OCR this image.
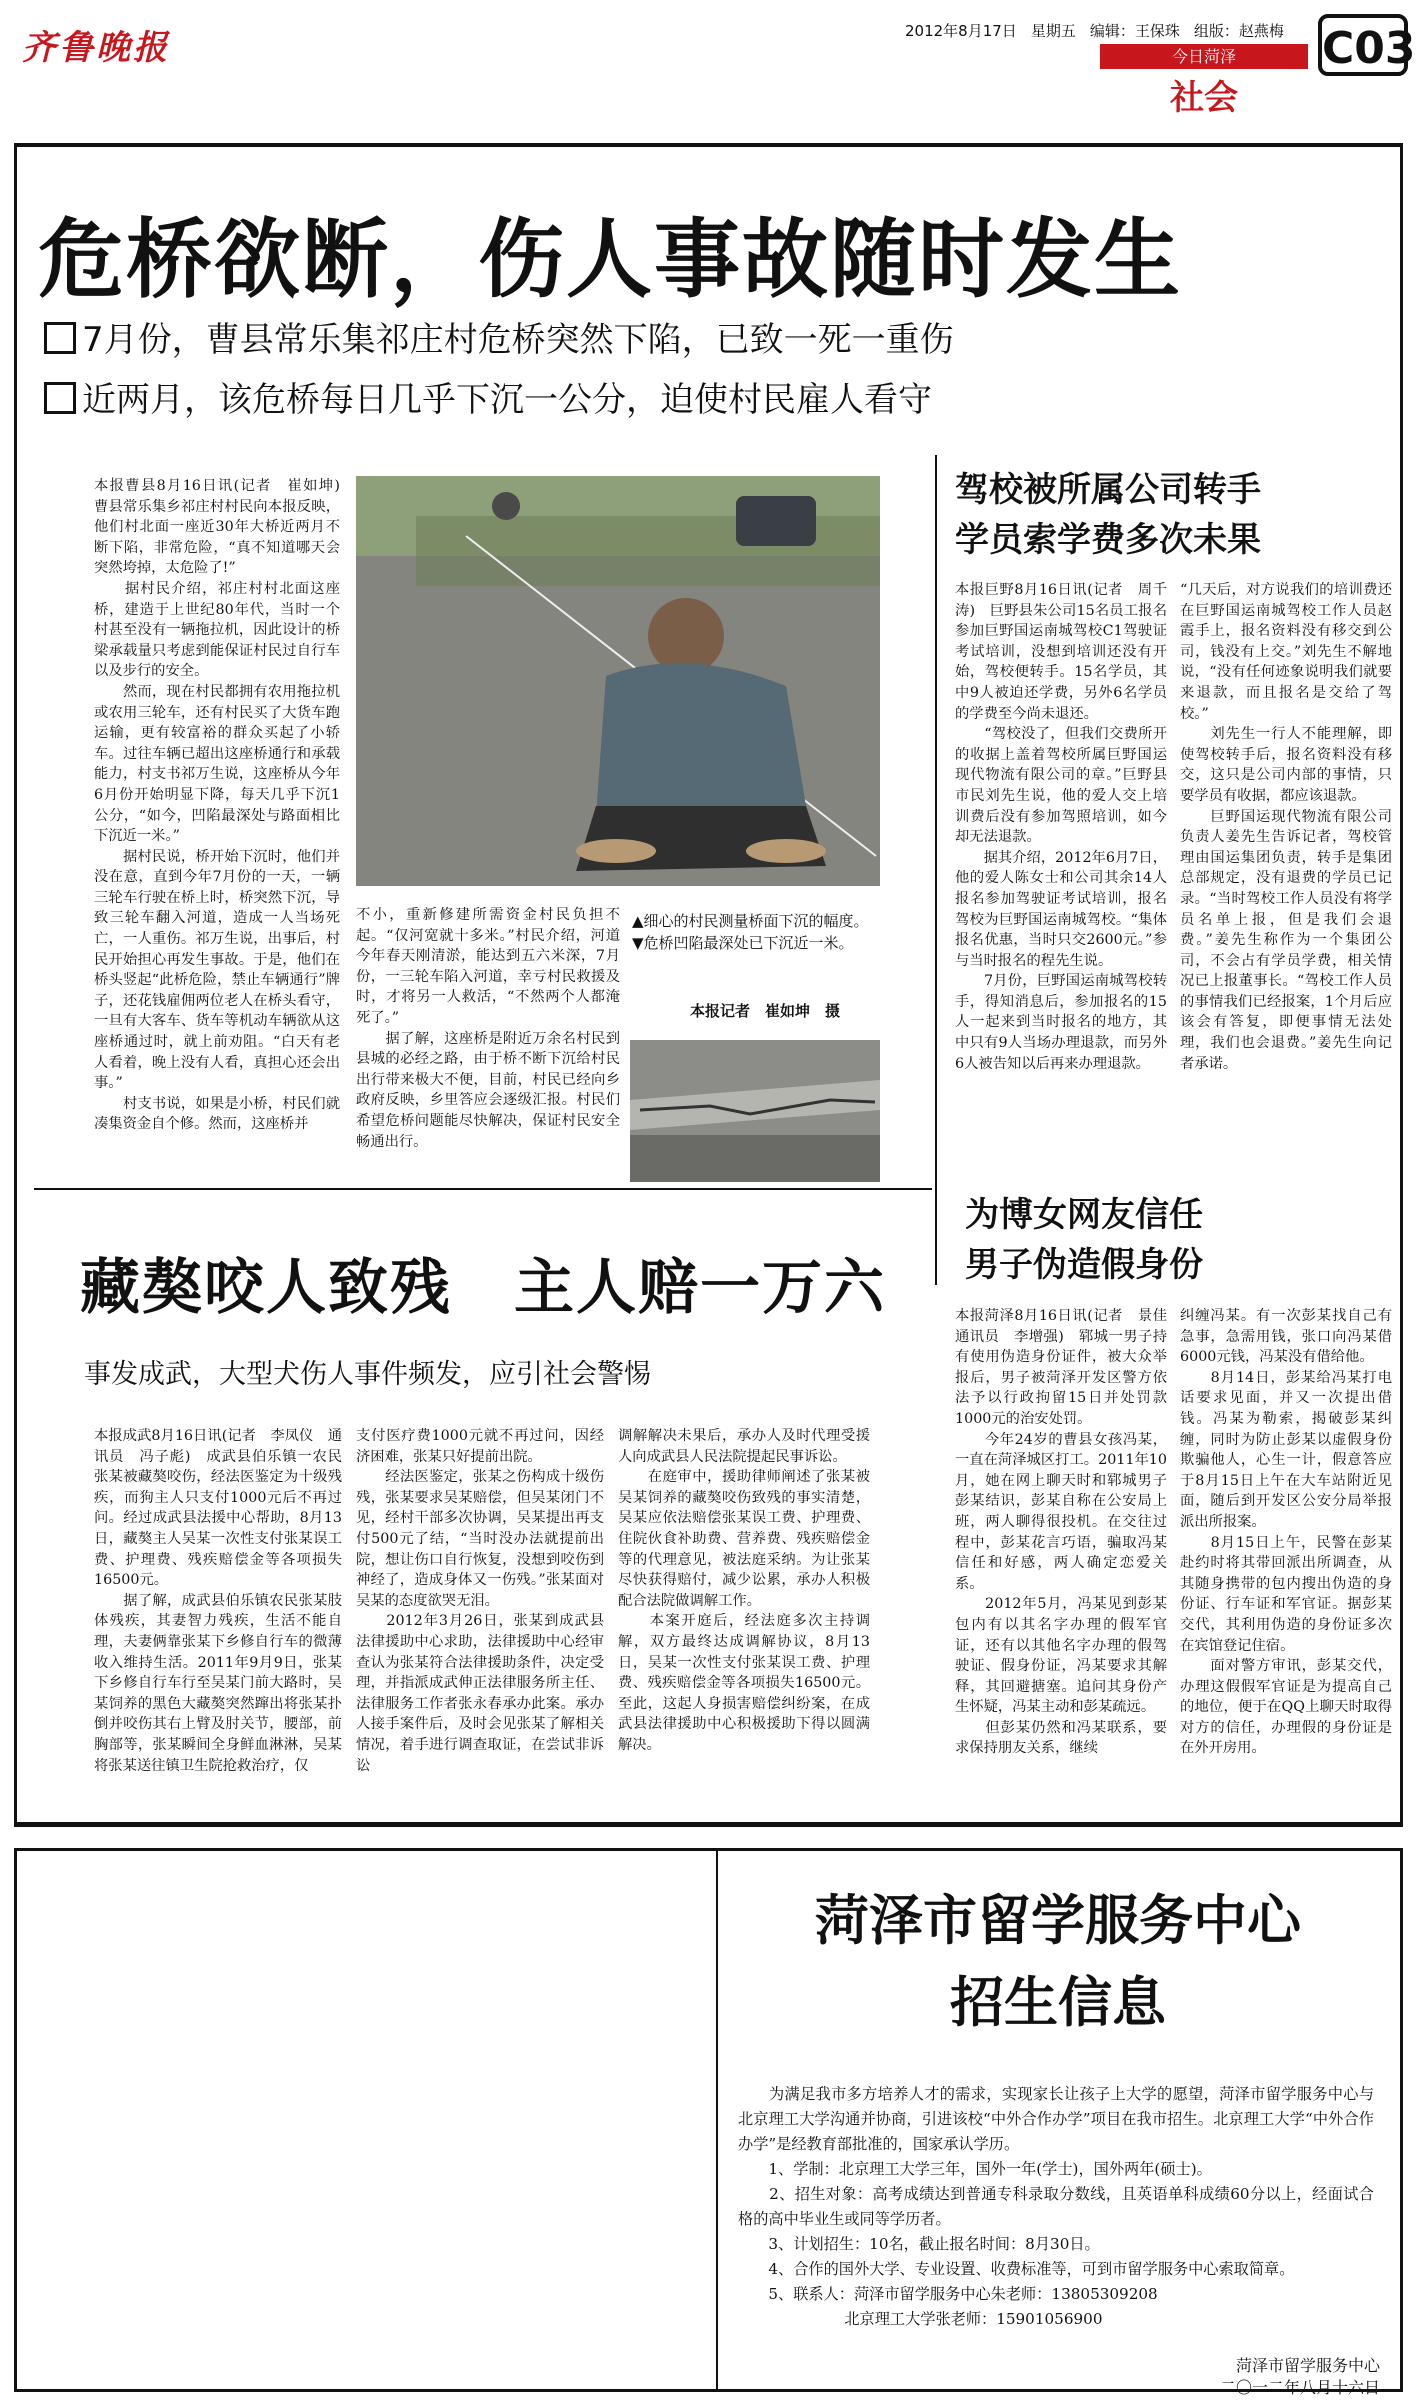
齐鲁晚报	2012年8月17日 星期五 编辑：王保珠 组版：赵燕梅
今日菏泽
社会
C03
危桥欲断，伤人事故随时发生
7月份，曹县常乐集祁庄村危桥突然下陷，已致一死一重伤
近两月，该危桥每日几乎下沉一公分，迫使村民雇人看守
本报曹县8月16日讯(记者　崔如坤)　曹县常乐集乡祁庄村村民向本报反映，他们村北面一座近30年大桥近两月不断下陷，非常危险，“真不知道哪天会突然垮掉，太危险了!”
　　据村民介绍，祁庄村村北面这座桥，建造于上世纪80年代，当时一个村甚至没有一辆拖拉机，因此设计的桥梁承载量只考虑到能保证村民过自行车以及步行的安全。
　　然而，现在村民都拥有农用拖拉机或农用三轮车，还有村民买了大货车跑运输，更有较富裕的群众买起了小轿车。过往车辆已超出这座桥通行和承载能力，村支书祁万生说，这座桥从今年6月份开始明显下降，每天几乎下沉1公分，“如今，凹陷最深处与路面相比下沉近一米。”
　　据村民说，桥开始下沉时，他们并没在意，直到今年7月份的一天，一辆三轮车行驶在桥上时，桥突然下沉，导致三轮车翻入河道，造成一人当场死亡，一人重伤。祁万生说，出事后，村民开始担心再发生事故。于是，他们在桥头竖起“此桥危险，禁止车辆通行”牌子，还花钱雇佣两位老人在桥头看守，一旦有大客车、货车等机动车辆欲从这座桥通过时，就上前劝阻。“白天有老人看着，晚上没有人看，真担心还会出事。”
　　村支书说，如果是小桥，村民们就凑集资金自个修。然而，这座桥并
不小，重新修建所需资金村民负担不起。“仅河宽就十多米。”村民介绍，河道今年春天刚清淤，能达到五六米深，7月份，一三轮车陷入河道，幸亏村民救援及时，才将另一人救活，“不然两个人都淹死了。”
　　据了解，这座桥是附近万余名村民到县城的必经之路，由于桥不断下沉给村民出行带来极大不便，目前，村民已经向乡政府反映，乡里答应会逐级汇报。村民们希望危桥问题能尽快解决，保证村民安全畅通出行。
▲细心的村民测量桥面下沉的幅度。
▼危桥凹陷最深处已下沉近一米。
本报记者　崔如坤　摄
驾校被所属公司转手
学员索学费多次未果
本报巨野8月16日讯(记者　周千涛)　巨野县朱公司15名员工报名参加巨野国运南城驾校C1驾驶证考试培训，没想到培训还没有开始，驾校便转手。15名学员，其中9人被迫还学费，另外6名学员的学费至今尚未退还。
　　“驾校没了，但我们交费所开的收据上盖着驾校所属巨野国运现代物流有限公司的章。”巨野县市民刘先生说，他的爱人交上培训费后没有参加驾照培训，如今却无法退款。
　　据其介绍，2012年6月7日，他的爱人陈女士和公司其余14人报名参加驾驶证考试培训，报名驾校为巨野国运南城驾校。“集体报名优惠，当时只交2600元。”参与当时报名的程先生说。
　　7月份，巨野国运南城驾校转手，得知消息后，参加报名的15人一起来到当时报名的地方，其中只有9人当场办理退款，而另外6人被告知以后再来办理退款。
“几天后，对方说我们的培训费还在巨野国运南城驾校工作人员赵霞手上，报名资料没有移交到公司，钱没有上交。”刘先生不解地说，“没有任何迹象说明我们就要来退款，而且报名是交给了驾校。”
　　刘先生一行人不能理解，即使驾校转手后，报名资料没有移交，这只是公司内部的事情，只要学员有收据，都应该退款。
　　巨野国运现代物流有限公司负责人姜先生告诉记者，驾校管理由国运集团负责，转手是集团总部规定，没有退费的学员已记录。“当时驾校工作人员没有将学员名单上报，但是我们会退费。”姜先生称作为一个集团公司，不会占有学员学费，相关情况已上报董事长。“驾校工作人员的事情我们已经报案，1个月后应该会有答复，即便事情无法处理，我们也会退费。”姜先生向记者承诺。
为博女网友信任
男子伪造假身份
本报菏泽8月16日讯(记者　景佳　通讯员　李增强)　郓城一男子持有使用伪造身份证件，被大众举报后，男子被菏泽开发区警方依法予以行政拘留15日并处罚款1000元的治安处罚。
　　今年24岁的曹县女孩冯某，一直在菏泽城区打工。2011年10月，她在网上聊天时和郓城男子彭某结识，彭某自称在公安局上班，两人聊得很投机。在交往过程中，彭某花言巧语，骗取冯某信任和好感，两人确定恋爱关系。
　　2012年5月，冯某见到彭某包内有以其名字办理的假军官证，还有以其他名字办理的假驾驶证、假身份证，冯某要求其解释，其回避搪塞。追问其身份产生怀疑，冯某主动和彭某疏远。
　　但彭某仍然和冯某联系，要求保持朋友关系，继续
纠缠冯某。有一次彭某找自己有急事，急需用钱，张口向冯某借6000元钱，冯某没有借给他。
　　8月14日，彭某给冯某打电话要求见面，并又一次提出借钱。冯某为勒索，揭破彭某纠缠，同时为防止彭某以虚假身份欺骗他人，心生一计，假意答应于8月15日上午在大车站附近见面，随后到开发区公安分局举报派出所报案。
　　8月15日上午，民警在彭某赴约时将其带回派出所调查，从其随身携带的包内搜出伪造的身份证、行车证和军官证。据彭某交代，其利用伪造的身份证多次在宾馆登记住宿。
　　面对警方审讯，彭某交代，办理这假假军官证是为提高自己的地位，便于在QQ上聊天时取得对方的信任，办理假的身份证是在外开房用。
藏獒咬人致残　主人赔一万六
事发成武，大型犬伤人事件频发，应引社会警惕
本报成武8月16日讯(记者　李凤仪　通讯员　冯子彪)　成武县伯乐镇一农民张某被藏獒咬伤，经法医鉴定为十级残疾，而狗主人只支付1000元后不再过问。经过成武县法援中心帮助，8月13日，藏獒主人吴某一次性支付张某误工费、护理费、残疾赔偿金等各项损失16500元。
　　据了解，成武县伯乐镇农民张某肢体残疾，其妻智力残疾，生活不能自理，夫妻俩靠张某下乡修自行车的微薄收入维持生活。2011年9月9日，张某下乡修自行车行至吴某门前大路时，吴某饲养的黑色大藏獒突然蹿出将张某扑倒并咬伤其右上臂及肘关节，腰部，前胸部等，张某瞬间全身鲜血淋淋，吴某将张某送往镇卫生院抢救治疗，仅
支付医疗费1000元就不再过问，因经济困难，张某只好提前出院。
　　经法医鉴定，张某之伤构成十级伤残，张某要求吴某赔偿，但吴某闭门不见，经村干部多次协调，吴某提出再支付500元了结，“当时没办法就提前出院，想让伤口自行恢复，没想到咬伤到神经了，造成身体又一伤残。”张某面对吴某的态度欲哭无泪。
　　2012年3月26日，张某到成武县法律援助中心求助，法律援助中心经审查认为张某符合法律援助条件，决定受理，并指派成武伸正法律服务所主任、法律服务工作者张永春承办此案。承办人接手案件后，及时会见张某了解相关情况，着手进行调查取证，在尝试非诉讼
调解解决未果后，承办人及时代理受援人向成武县人民法院提起民事诉讼。
　　在庭审中，援助律师阐述了张某被吴某饲养的藏獒咬伤致残的事实清楚，吴某应依法赔偿张某误工费、护理费、住院伙食补助费、营养费、残疾赔偿金等的代理意见，被法庭采纳。为让张某尽快获得赔付，减少讼累，承办人积极配合法院做调解工作。
　　本案开庭后，经法庭多次主持调解，双方最终达成调解协议，8月13日，吴某一次性支付张某误工费、护理费、残疾赔偿金等各项损失16500元。至此，这起人身损害赔偿纠纷案，在成武县法律援助中心积极援助下得以圆满解决。
菏泽市留学服务中心
招生信息
　　为满足我市多方培养人才的需求，实现家长让孩子上大学的愿望，菏泽市留学服务中心与北京理工大学沟通并协商，引进该校“中外合作办学”项目在我市招生。北京理工大学“中外合作办学”是经教育部批准的，国家承认学历。
　　1、学制：北京理工大学三年，国外一年(学士)，国外两年(硕士)。
　　2、招生对象：高考成绩达到普通专科录取分数线，且英语单科成绩60分以上，经面试合格的高中毕业生或同等学历者。
　　3、计划招生：10名，截止报名时间：8月30日。
　　4、合作的国外大学、专业设置、收费标准等，可到市留学服务中心索取简章。
　　5、联系人：菏泽市留学服务中心朱老师：13805309208
　　　　　　　北京理工大学张老师：15901056900
菏泽市留学服务中心
二〇一二年八月十六日
